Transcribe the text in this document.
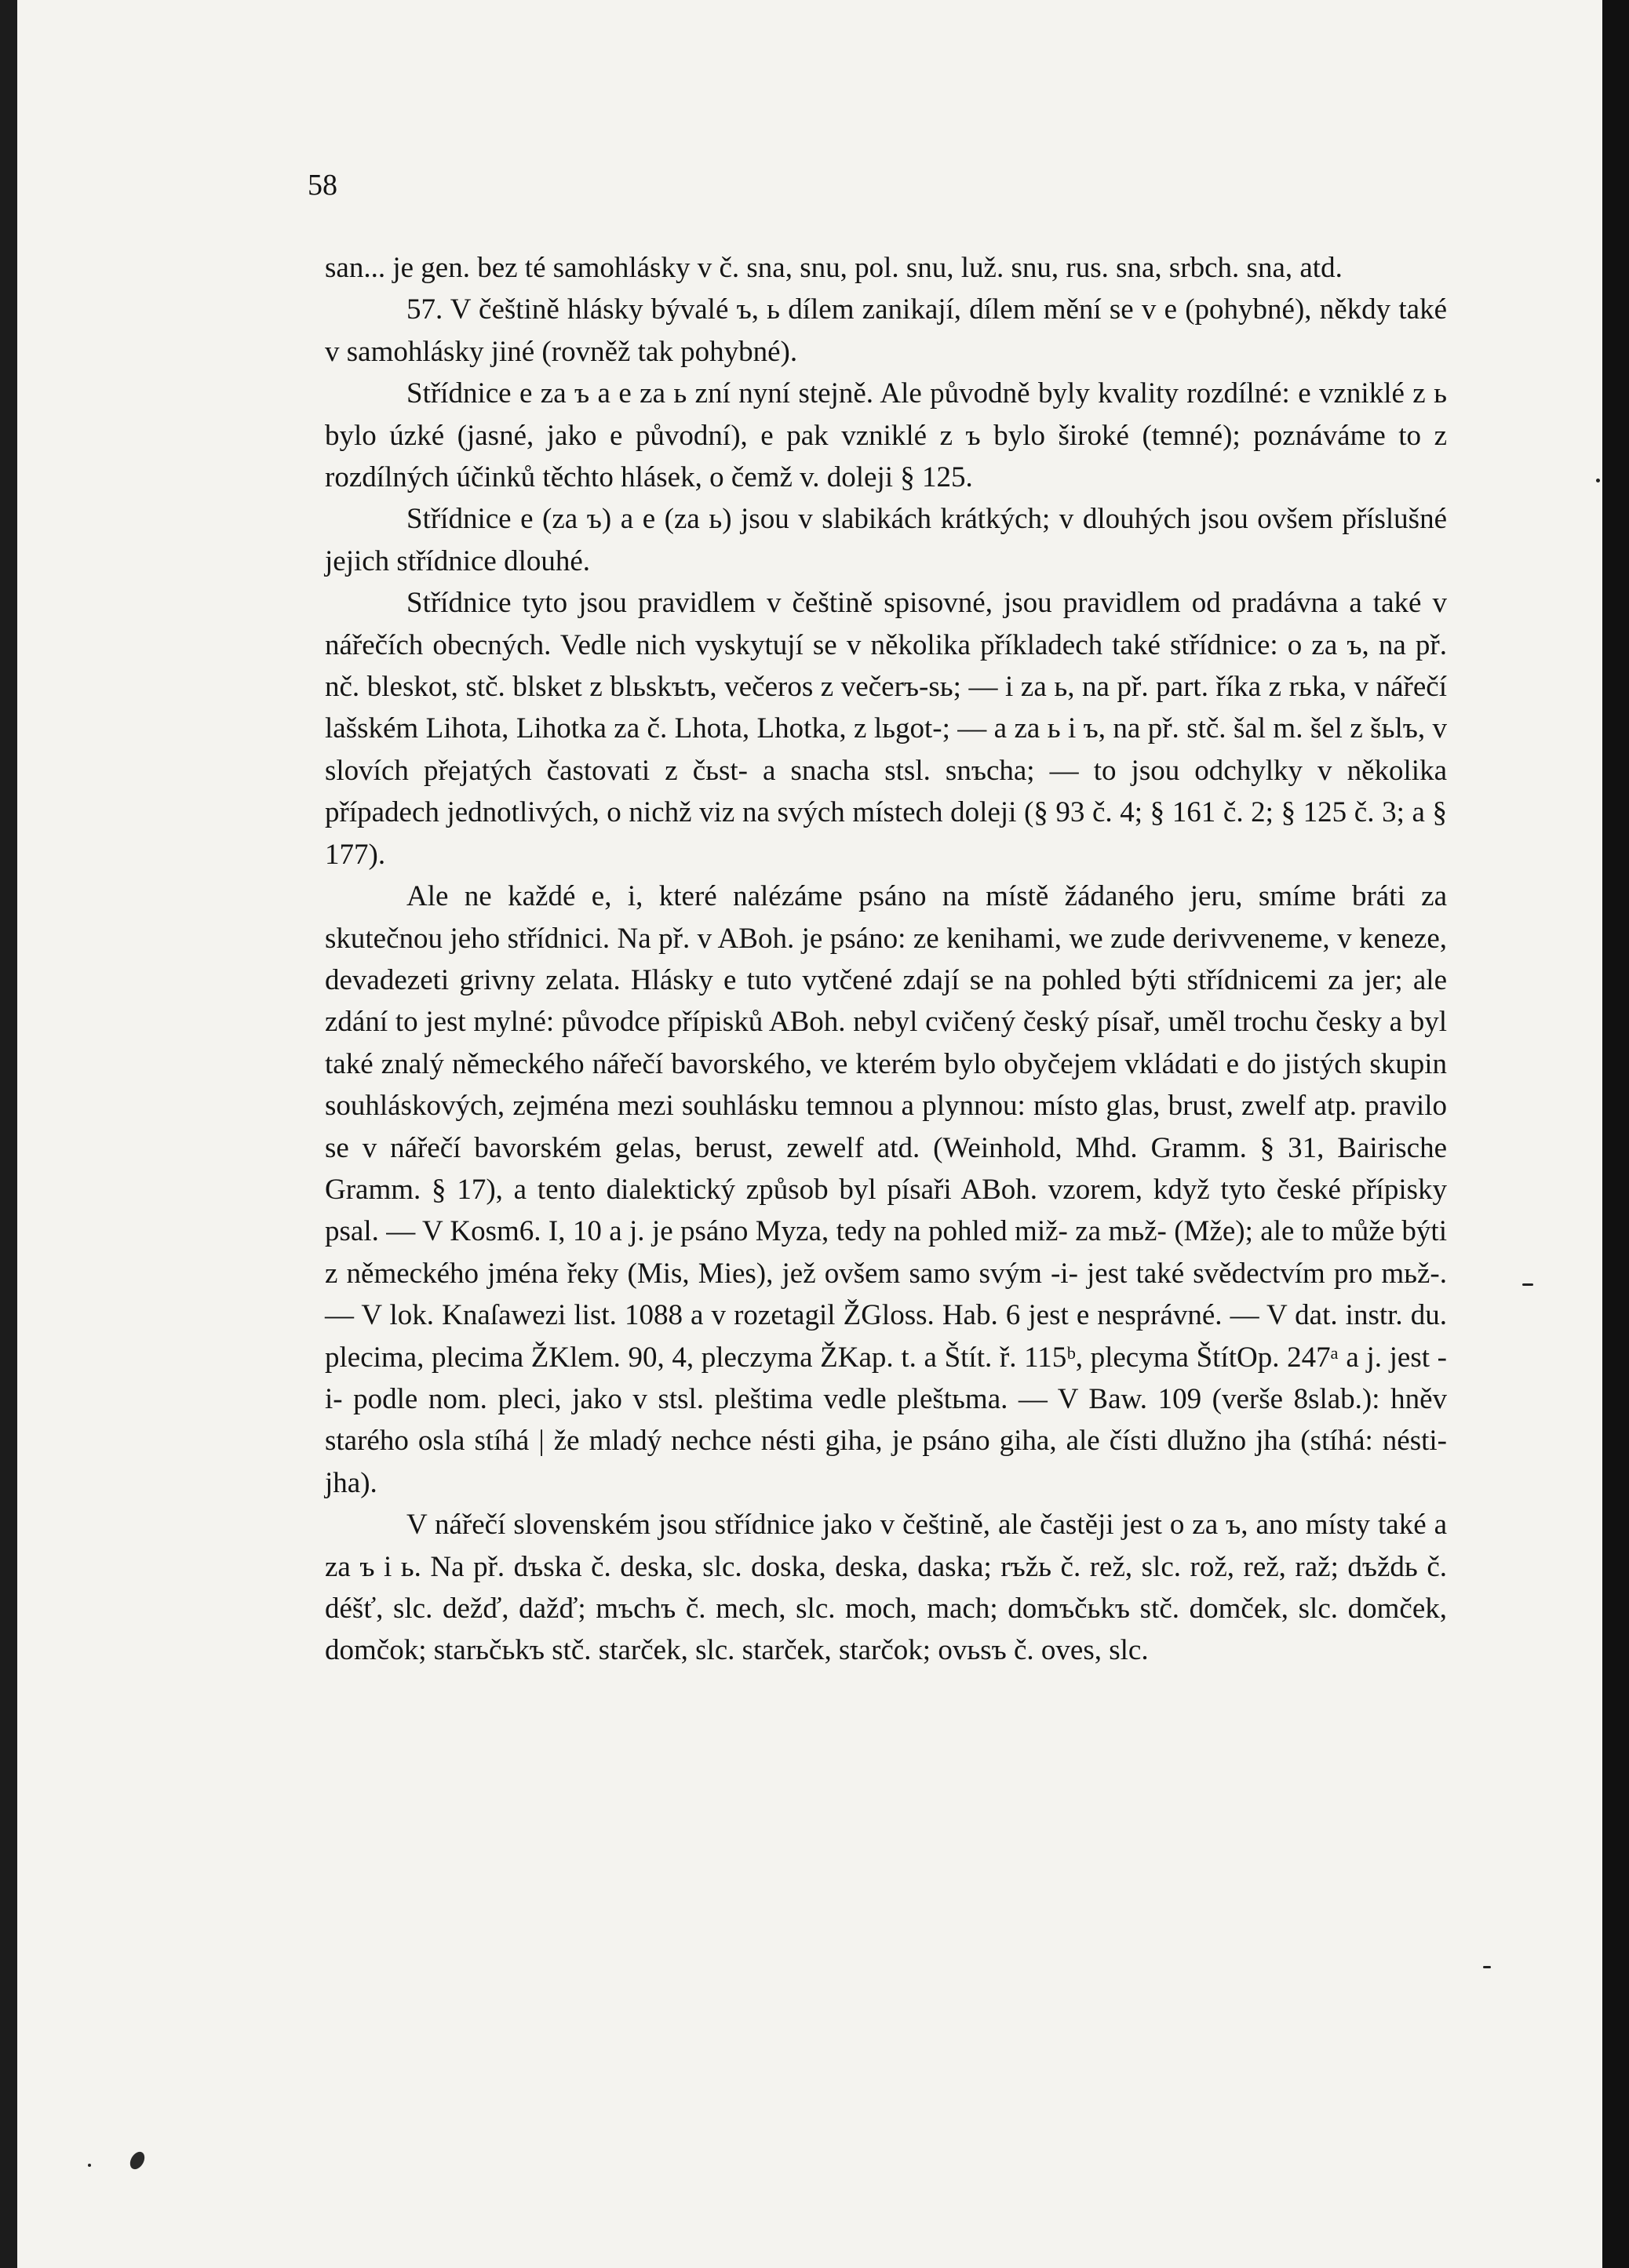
58

san... je gen. bez té samohlásky v č. sna, snu, pol. snu, luž. snu, rus. sna, srbch. sna, atd.

57. V češtině hlásky bývalé ъ, ь dílem zanikají, dílem mění se v e (pohybné), někdy také v samohlásky jiné (rovněž tak pohybné).

Střídnice e za ъ a e za ь zní nyní stejně. Ale původně byly kvality rozdílné: e vzniklé z ь bylo úzké (jasné, jako e původní), e pak vzniklé z ъ bylo široké (temné); poznáváme to z rozdílných účinků těchto hlásek, o čemž v. doleji § 125.

Střídnice e (za ъ) a e (za ь) jsou v slabikách krátkých; v dlouhých jsou ovšem příslušné jejich střídnice dlouhé.

Střídnice tyto jsou pravidlem v češtině spisovné, jsou pravidlem od pradávna a také v nářečích obecných. Vedle nich vyskytují se v několika příkladech také střídnice: o za ъ, na př. nč. bleskot, stč. blsket z blьskъtъ, večeros z večerъ-sь; — i za ь, na př. part. říka z rьka, v nářečí lašském Lihota, Lihotka za č. Lhota, Lhotka, z lьgot-; — a za ь i ъ, na př. stč. šal m. šel z šьlъ, v slovích přejatých častovati z čьst- a snacha stsl. snъcha; — to jsou odchylky v několika případech jednotlivých, o nichž viz na svých místech doleji (§ 93 č. 4; § 161 č. 2; § 125 č. 3; a § 177).

Ale ne každé e, i, které nalézáme psáno na místě žádaného jeru, smíme bráti za skutečnou jeho střídnici. Na př. v ABoh. je psáno: ze kenihami, we zude derivveneme, v keneze, devadezeti grivny zelata. Hlásky e tuto vytčené zdají se na pohled býti střídnicemi za jer; ale zdání to jest mylné: původce přípisků ABoh. nebyl cvičený český písař, uměl trochu česky a byl také znalý německého nářečí bavorského, ve kterém bylo obyčejem vkládati e do jistých skupin souhláskových, zejména mezi souhlásku temnou a plynnou: místo glas, brust, zwelf atp. pravilo se v nářečí bavorském gelas, berust, zewelf atd. (Weinhold, Mhd. Gramm. § 31, Bairische Gramm. § 17), a tento dialektický způsob byl písaři ABoh. vzorem, když tyto české přípisky psal. — V Kosm6. I, 10 a j. je psáno Myza, tedy na pohled miž- za mьž- (Mže); ale to může býti z německého jména řeky (Mis, Mies), jež ovšem samo svým -i- jest také svědectvím pro mьž-. — V lok. Knaſawezi list. 1088 a v rozetagil ŽGloss. Hab. 6 jest e nesprávné. — V dat. instr. du. plecima, plecima ŽKlem. 90, 4, pleczyma ŽKap. t. a Štít. ř. 115ᵇ, plecyma ŠtítOp. 247ᵃ a j. jest -i- podle nom. pleci, jako v stsl. pleštima vedle pleštьma. — V Baw. 109 (verše 8slab.): hněv starého osla stíhá | že mladý nechce nésti giha, je psáno giha, ale čísti dlužno jha (stíhá: nésti-jha).

V nářečí slovenském jsou střídnice jako v češtině, ale častěji jest o za ъ, ano místy také a za ъ i ь. Na př. dъska č. deska, slc. doska, deska, daska; rъžь č. rež, slc. rož, rež, raž; dъždь č. déšť, slc. dežď, dažď; mъchъ č. mech, slc. moch, mach; domъčьkъ stč. domček, slc. domček, domčok; starьčьkъ stč. starček, slc. starček, starčok; ovьsъ č. oves, slc.
